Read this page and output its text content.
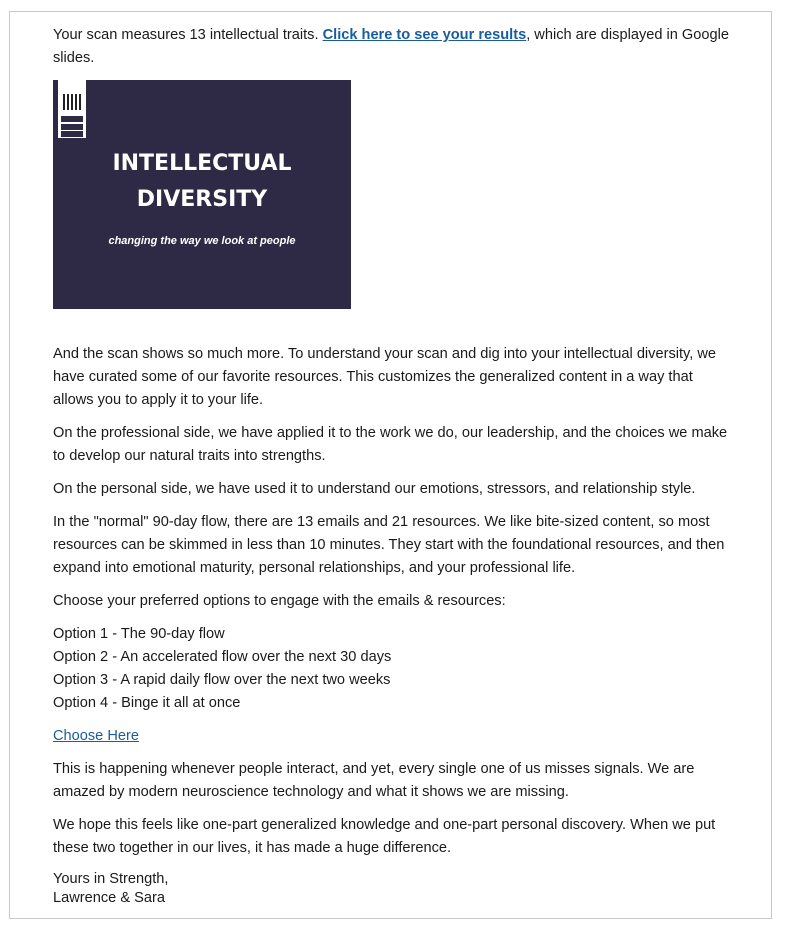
Your scan measures 13 intellectual traits. Click here to see your results, which are displayed in Google slides.

INTELLECTUAL
DIVERSITY
changing the way we look at people

And the scan shows so much more. To understand your scan and dig into your intellectual diversity, we have curated some of our favorite resources. This customizes the generalized content in a way that allows you to apply it to your life.

On the professional side, we have applied it to the work we do, our leadership, and the choices we make to develop our natural traits into strengths.

On the personal side, we have used it to understand our emotions, stressors, and relationship style.

In the "normal" 90-day flow, there are 13 emails and 21 resources. We like bite-sized content, so most resources can be skimmed in less than 10 minutes. They start with the foundational resources, and then expand into emotional maturity, personal relationships, and your professional life.

Choose your preferred options to engage with the emails & resources:

Option 1 - The 90-day flow

Option 2 - An accelerated flow over the next 30 days

Option 3 - A rapid daily flow over the next two weeks

Option 4 - Binge it all at once

Choose Here

This is happening whenever people interact, and yet, every single one of us misses signals. We are amazed by modern neuroscience technology and what it shows we are missing.

We hope this feels like one-part generalized knowledge and one-part personal discovery. When we put these two together in our lives, it has made a huge difference.

Yours in Strength,

Lawrence & Sara
